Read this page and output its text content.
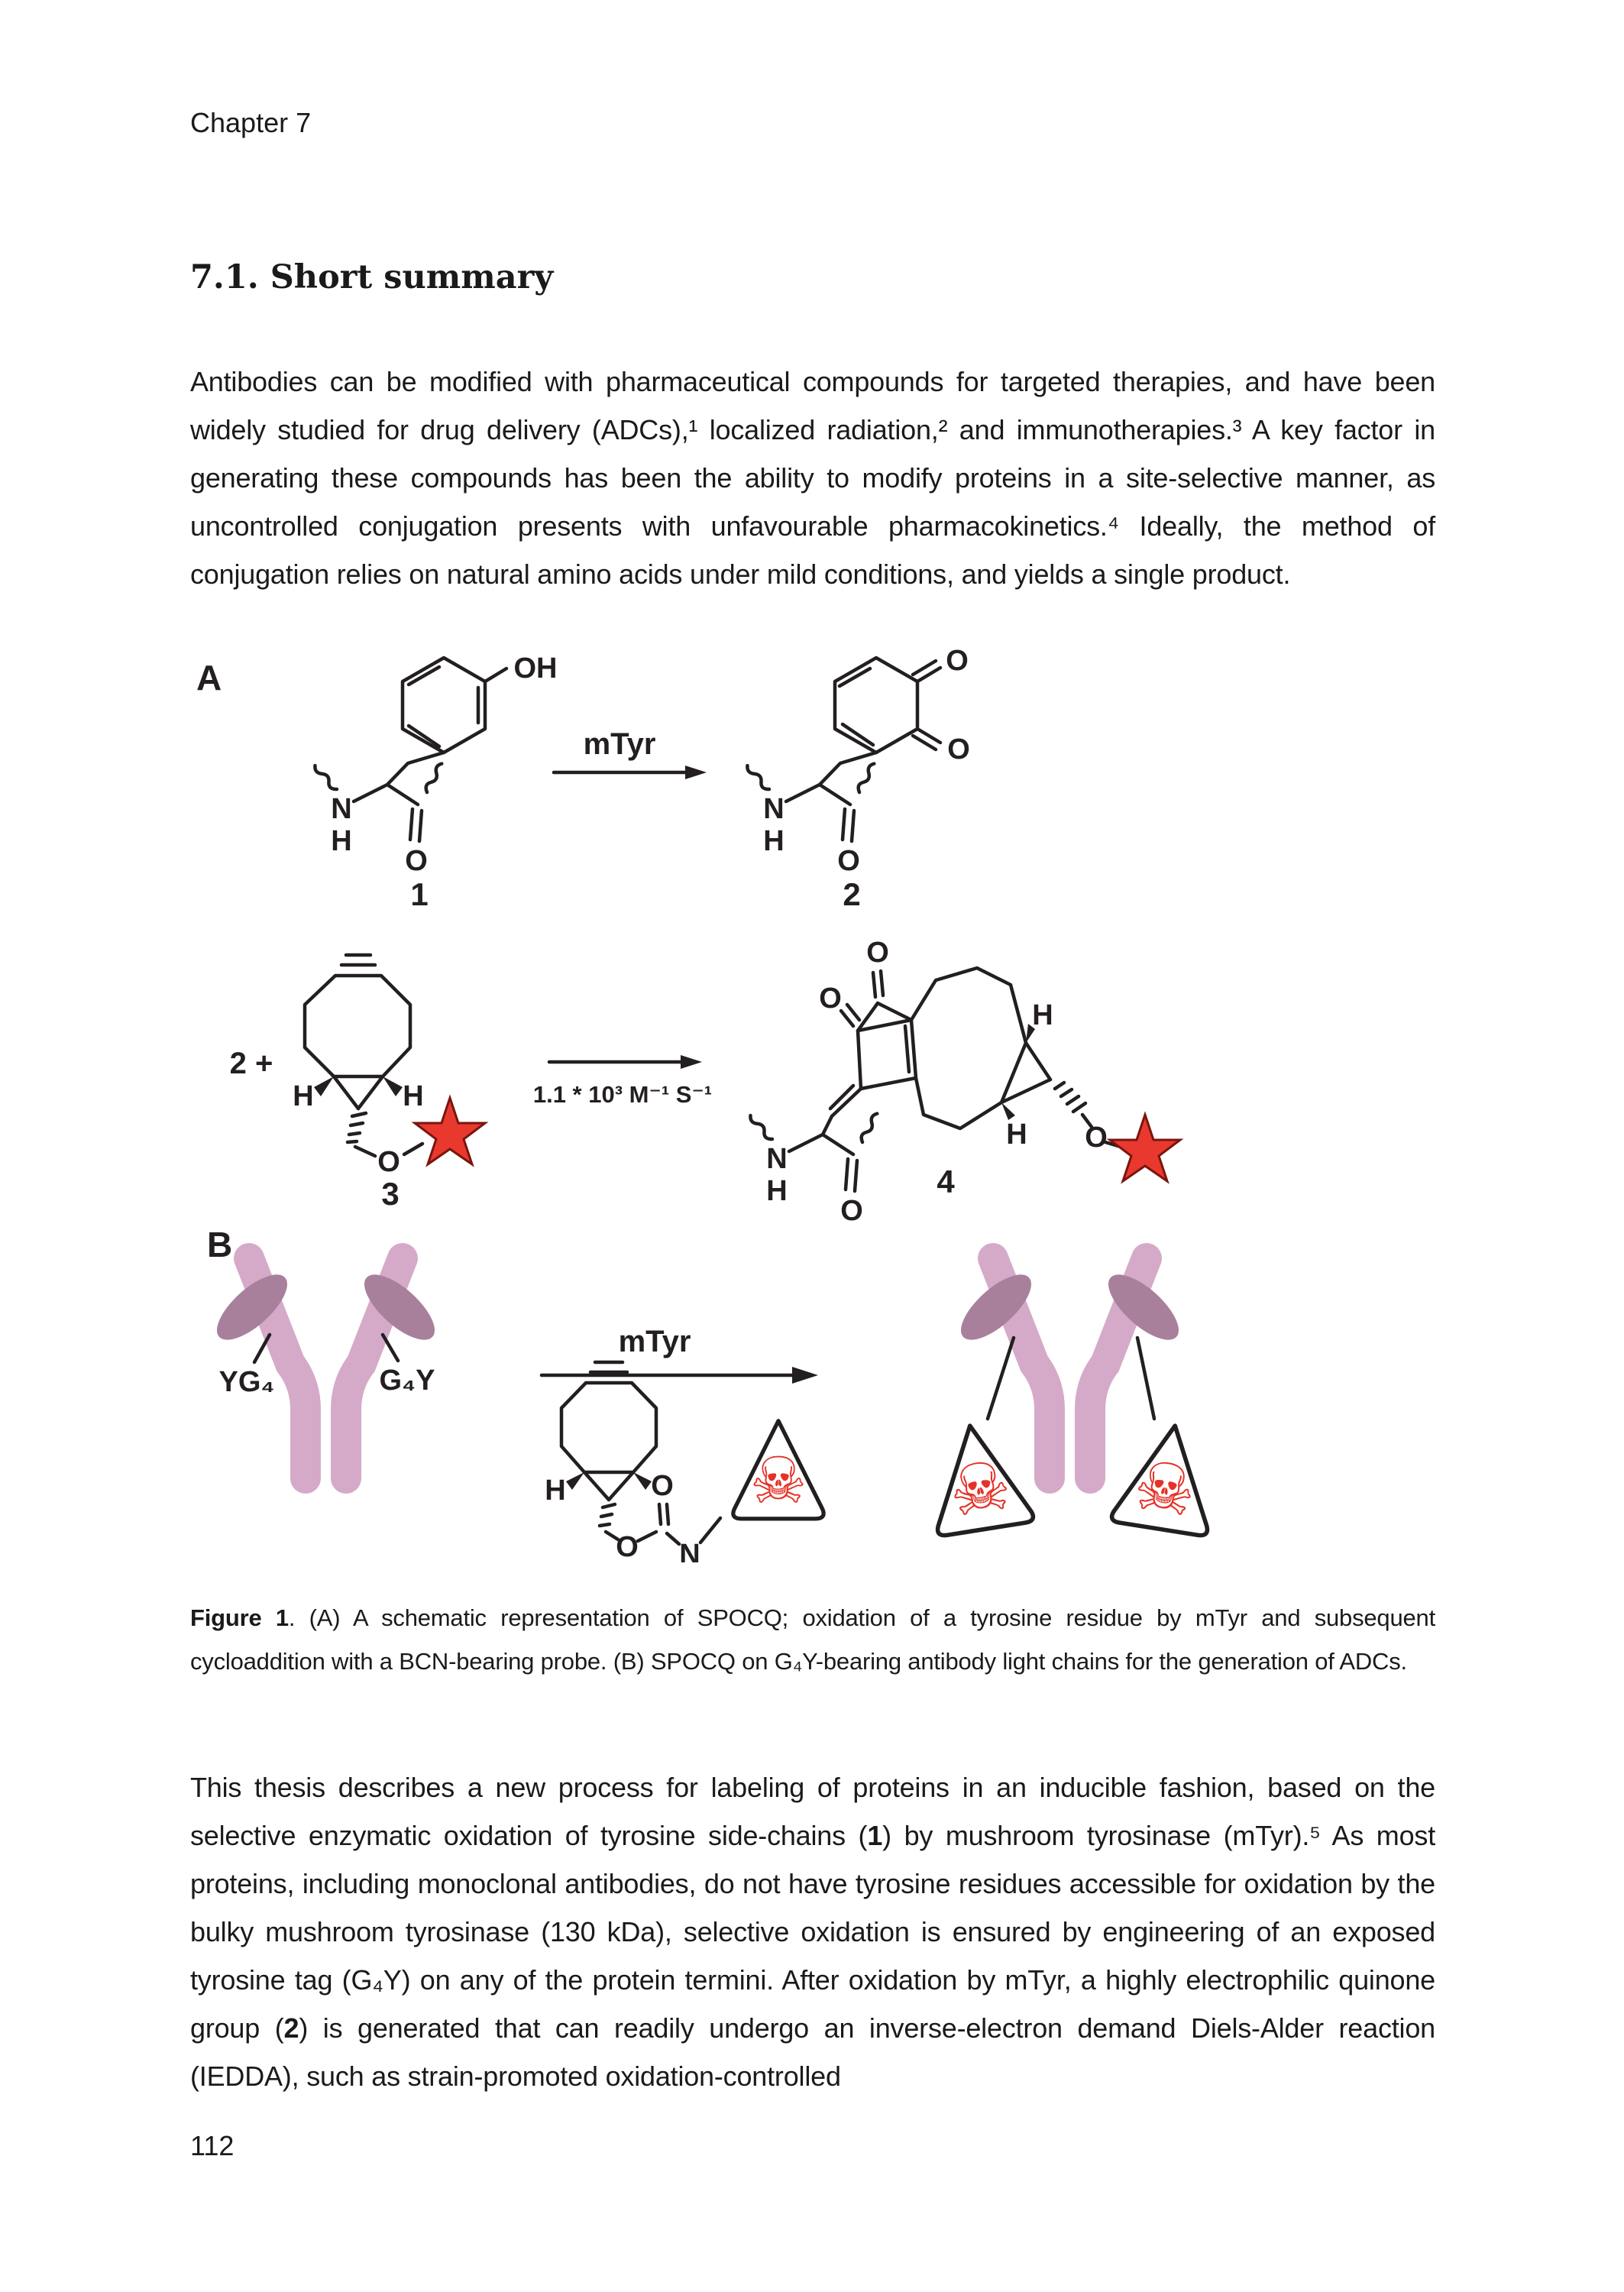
Chapter 7
7.1. Short summary

Antibodies can be modified with pharmaceutical compounds for targeted therapies, and have been widely studied for drug delivery (ADCs),¹ localized radiation,² and immunotherapies.³ A key factor in generating these compounds has been the ability to modify proteins in a site-selective manner, as uncontrolled conjugation presents with unfavourable pharmacokinetics.⁴ Ideally, the method of conjugation relies on natural amino acids under mild conditions, and yields a single product.

O
☠
A	OH
1
mTyr
O
O
2
2 +
H	H
O
3
1.1 * 10³ M⁻¹ S⁻¹
O
O
H
H O
4
B
YG₄	G₄Y
mTyr
H	O
O N

Figure 1. (A) A schematic representation of SPOCQ; oxidation of a tyrosine residue by mTyr and subsequent cycloaddition with a BCN-bearing probe. (B) SPOCQ on G₄Y-bearing antibody light chains for the generation of ADCs.

This thesis describes a new process for labeling of proteins in an inducible fashion, based on the selective enzymatic oxidation of tyrosine side-chains (1) by mushroom tyrosinase (mTyr).⁵ As most proteins, including monoclonal antibodies, do not have tyrosine residues accessible for oxidation by the bulky mushroom tyrosinase (130 kDa), selective oxidation is ensured by engineering of an exposed tyrosine tag (G₄Y) on any of the protein termini. After oxidation by mTyr, a highly electrophilic quinone group (2) is generated that can readily undergo an inverse-electron demand Diels-Alder reaction (IEDDA), such as strain-promoted oxidation-controlled

112
